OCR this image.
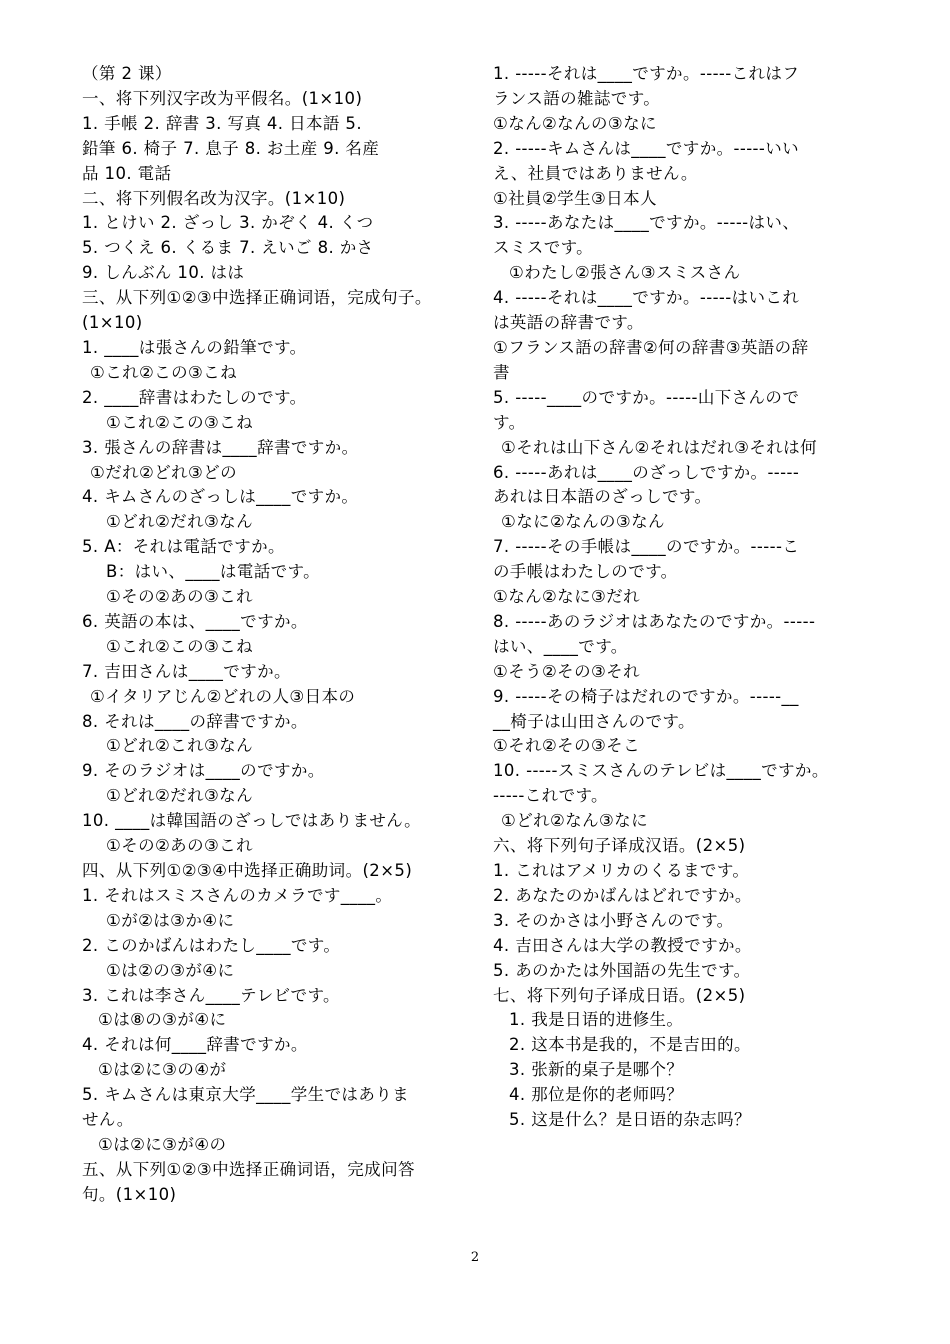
（第 2 课）
一、将下列汉字改为平假名。(1×10)
1. 手帳 2. 辞書 3. 写真 4. 日本語 5.
鉛筆 6. 椅子 7. 息子 8. お土産 9. 名産
品 10. 電話
二、将下列假名改为汉字。(1×10)
1. とけい 2. ざっし 3. かぞく 4. くつ
5. つくえ 6. くるま 7. えいご 8. かさ
9. しんぶん 10. はは
三、从下列①②③中选择正确词语，完成句子。
(1×10)
1. ____は張さんの鉛筆です。
①これ②この③こね
2. ____辞書はわたしのです。
①これ②この③こね
3. 張さんの辞書は____辞書ですか。
①だれ②どれ③どの
4. キムさんのざっしは____ですか。
①どれ②だれ③なん
5. A：それは電話ですか。
B：はい、____は電話です。
①その②あの③これ
6. 英語の本は、____ですか。
①これ②この③こね
7. 吉田さんは____ですか。
①イタリアじん②どれの人③日本の
8. それは____の辞書ですか。
①どれ②これ③なん
9. そのラジオは____のですか。
①どれ②だれ③なん
10. ____は韓国語のざっしではありません。
①その②あの③これ
四、从下列①②③④中选择正确助词。(2×5)
1. それはスミスさんのカメラです____。
①が②は③か④に
2. このかばんはわたし____です。
①は②の③が④に
3. これは李さん____テレビです。
①は⑧の③が④に
4. それは何____辞書ですか。
①は②に③の④が
5. キムさんは東京大学____学生ではありま
せん。
①は②に③が④の
五、从下列①②③中选择正确词语，完成问答
句。(1×10)
1. -----それは____ですか。-----これはフ
ランス語の雑誌です。
①なん②なんの③なに
2. -----キムさんは____ですか。-----いい
え、社員ではありません。
①社員②学生③日本人
3. -----あなたは____ですか。-----はい、
スミスです。
①わたし②張さん③スミスさん
4. -----それは____ですか。-----はいこれ
は英語の辞書です。
①フランス語の辞書②何の辞書③英語の辞
書
5. -----____のですか。-----山下さんので
す。
①それは山下さん②それはだれ③それは何
6. -----あれは____のざっしですか。-----
あれは日本語のざっしです。
①なに②なんの③なん
7. -----その手帳は____のですか。-----こ
の手帳はわたしのです。
①なん②なに③だれ
8. -----あのラジオはあなたのですか。-----
はい、____です。
①そう②その③それ
9. -----その椅子はだれのですか。-----__
__椅子は山田さんのです。
①それ②その③そこ
10. -----スミスさんのテレビは____ですか。
-----これです。
①どれ②なん③なに
六、将下列句子译成汉语。(2×5)
1. これはアメリカのくるまです。
2. あなたのかばんはどれですか。
3. そのかさは小野さんのです。
4. 吉田さんは大学の教授ですか。
5. あのかたは外国語の先生です。
七、将下列句子译成日语。(2×5)
1. 我是日语的进修生。
2. 这本书是我的，不是吉田的。
3. 张新的桌子是哪个？
4. 那位是你的老师吗？
5. 这是什么？是日语的杂志吗？
2
